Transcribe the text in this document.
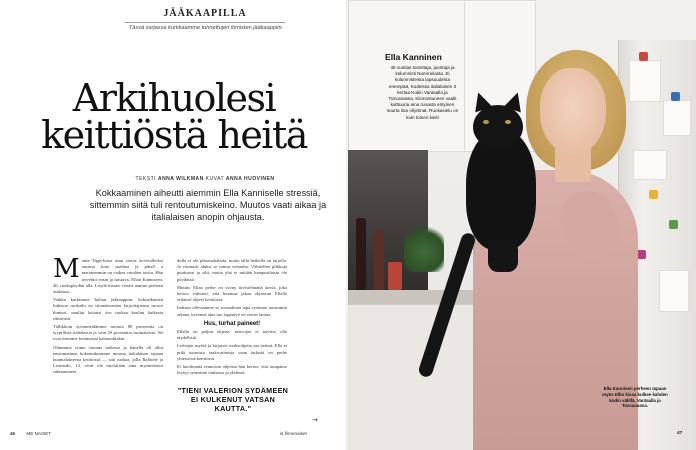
JÄÄKAAPILLA
Tässä sarjassa kurkkaamme tunnettujen ihmisten jääkaappiin.
Arkihuolesi
keittiöstä heitä
TEKSTI ANNA WILKMAN KUVAT ANNA HUOVINEN
Kokkaaminen aiheutti aiemmin Ella Kanniselle stressiä, sittemmin siitä tuli rentoutumiskeino. Muutos vaati aikaa ja italialaisen anopin ohjausta.
M onta Tippi-kissa asuu vieras tervetulleiksi omassa koto nsahtaa ja pihall a meriaiemmin on vaikea vuodien toistu. Hän tervehtii ensin ja luistava, Ellan Kanniseen, 46, ruokapöydän alla. Löydä kissan vierast aamua perheen asulasun...

Vaikka kurkimme Italian jääkaappiin, kokoaikainen Italiassa ruokailu on sitomattomien kirjoittajiensa suosio ihmiset, nuuliat laittaisi itse ruokaa koulun kaikesta riittävästi.

Tällikkoin syömmeidämme ruoasta 80 prosenttia on tyypillisiä italialaisia ja vain 20 prosenttia suomalaisia. Ne ovat itsemme kotimaisia kalaruokiakin.

Olimmme viime vuonna italiassa ja hänellä oli ollut ensimmäinen kokemuksemme muusta italialaisen tapaan kuumalaitteena keittiössä — sitä ruokaa, jolla Raffaele ja Leonardo, 13, eivät ole myöskään aina myönteisesti suhtautuneet.

dulla ei ole pikaruokalaita, mutta tällä hetkellä on tarjolla. Ja varmasti aluksi se tuntui vieraalta. Vähitellen pilkkujä puuttuvat ja silti, mutta yhä ei mitään hampurilaista ole pöydässä.

Muutto Ellan perhe on syöny tiivistelmänä ateria, joka kertoo vahvasti, että huomaa jakaa ohjaavan Ellalle erilaiset ohjeet keittiössä.

Italiaan ollessamme se sosiaalinen tapa syömme uusimmin aikana, kevennä aina tuo lopputyö on vieras laittaa.

Hus, turhat paineet!

Ellalla on paljon ohjeita: neuvojen ei tarvitse olla täydellisiä.

Lerhojen myötä ja kirjoista ruokaohjeita saa netistä. Ella ei pidä tuoreista raaka-aineista vaan tärkeää on perhe yhteisessä keittiössä.

Ei huolimatta rennoista ohjeista hän kertoo, että tasapaino löytyy syömisen rauhassa ja yhdessä.

"TIENI VALERION SYDÄMEEN EI KULKENUT VATSAN KAUTTA."
→
46 ME NAISET	is.fi/menaiset
Ella Kanninen
46 vuotias toimittaja, juontaja ja kolumnisti Nummelasta. Ei kolumnisteista lapsuudesta enempää, Kodeissa italialaisen 3 kertaa Kotiin Vantaalla ja Toscanassa. Kiinnostuneen vaalit kulttuuria aina ruoasta erityinen suurta iloa ohjelmat. Ruokasielu on kuin toinen kieli!
Ella Kanninen perheen tapaan myös Ellin kissa kulkee kahden kodin välillä, Vantaalla ja Toscanassa.
47
